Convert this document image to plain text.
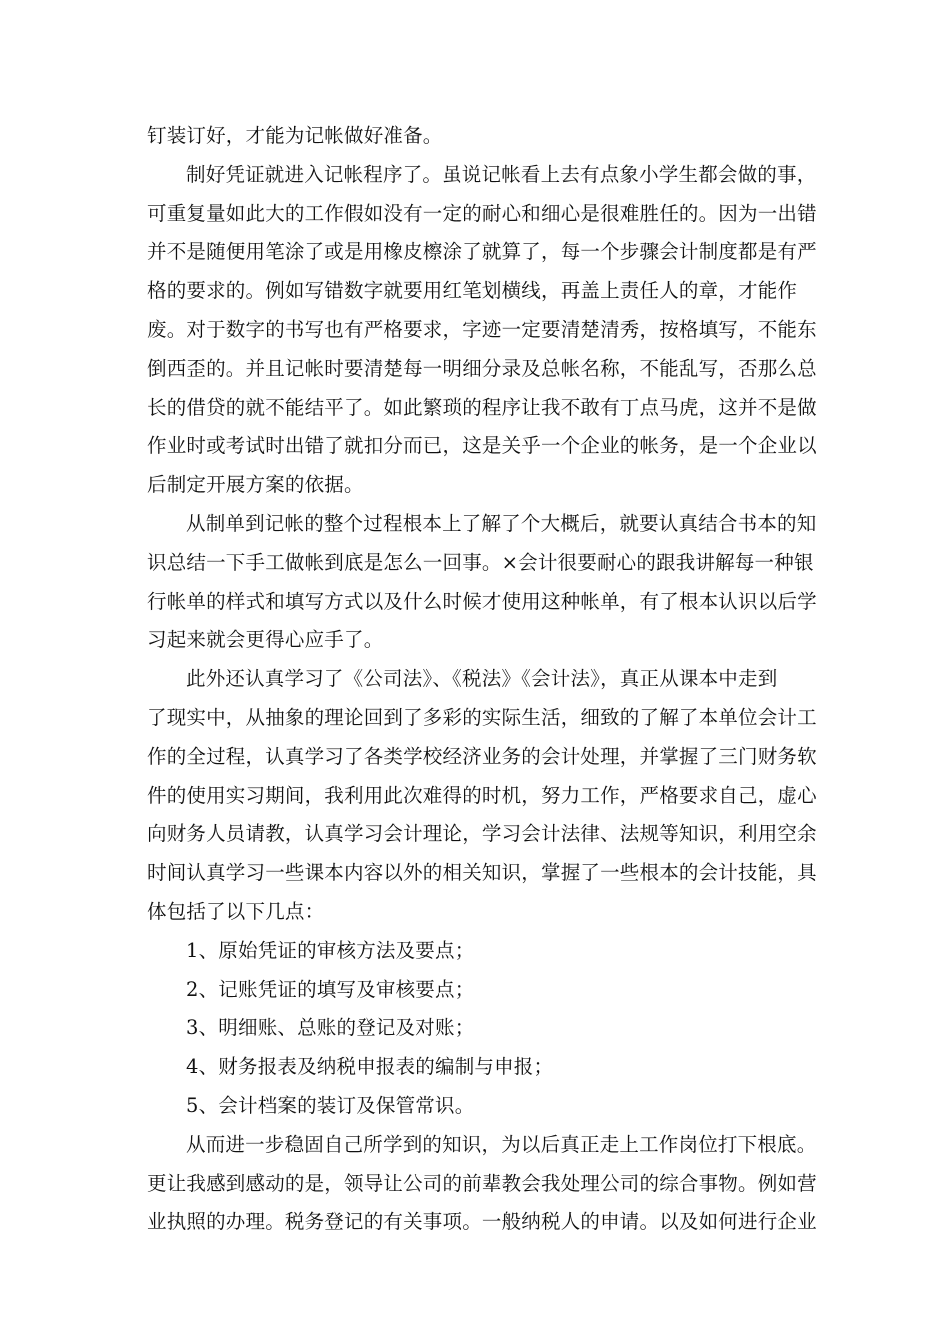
钉装订好，才能为记帐做好准备。
制好凭证就进入记帐程序了。虽说记帐看上去有点象小学生都会做的事，
可重复量如此大的工作假如没有一定的耐心和细心是很难胜任的。因为一出错
并不是随便用笔涂了或是用橡皮檫涂了就算了，每一个步骤会计制度都是有严
格的要求的。例如写错数字就要用红笔划横线，再盖上责任人的章，才能作
废。对于数字的书写也有严格要求，字迹一定要清楚清秀，按格填写，不能东
倒西歪的。并且记帐时要清楚每一明细分录及总帐名称，不能乱写，否那么总
长的借贷的就不能结平了。如此繁琐的程序让我不敢有丁点马虎，这并不是做
作业时或考试时出错了就扣分而已，这是关乎一个企业的帐务，是一个企业以
后制定开展方案的依据。
从制单到记帐的整个过程根本上了解了个大概后，就要认真结合书本的知
识总结一下手工做帐到底是怎么一回事。×会计很要耐心的跟我讲解每一种银
行帐单的样式和填写方式以及什么时候才使用这种帐单，有了根本认识以后学
习起来就会更得心应手了。
此外还认真学习了《公司法》、《税法》《会计法》，真正从课本中走到
了现实中，从抽象的理论回到了多彩的实际生活，细致的了解了本单位会计工
作的全过程，认真学习了各类学校经济业务的会计处理，并掌握了三门财务软
件的使用实习期间，我利用此次难得的时机，努力工作，严格要求自己，虚心
向财务人员请教，认真学习会计理论，学习会计法律、法规等知识，利用空余
时间认真学习一些课本内容以外的相关知识，掌握了一些根本的会计技能，具
体包括了以下几点：
1、原始凭证的审核方法及要点；
2、记账凭证的填写及审核要点；
3、明细账、总账的登记及对账；
4、财务报表及纳税申报表的编制与申报；
5、会计档案的装订及保管常识。
从而进一步稳固自己所学到的知识，为以后真正走上工作岗位打下根底。
更让我感到感动的是，领导让公司的前辈教会我处理公司的综合事物。例如营
业执照的办理。税务登记的有关事项。一般纳税人的申请。以及如何进行企业
